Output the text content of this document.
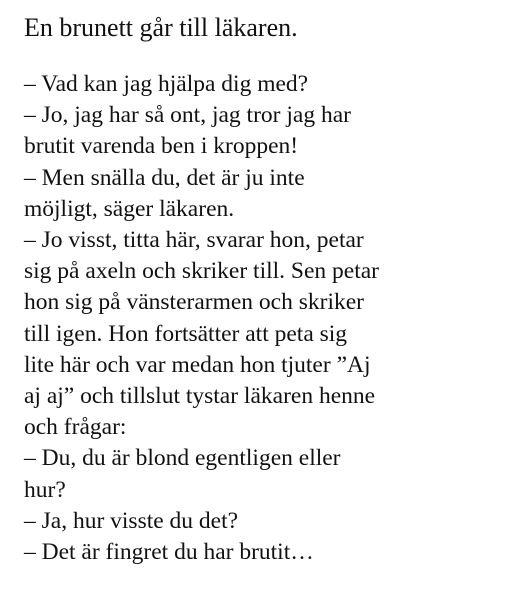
En brunett går till läkaren.
– Vad kan jag hjälpa dig med?
– Jo, jag har så ont, jag tror jag har
brutit varenda ben i kroppen!
– Men snälla du, det är ju inte
möjligt, säger läkaren.
– Jo visst, titta här, svarar hon, petar
sig på axeln och skriker till. Sen petar
hon sig på vänsterarmen och skriker
till igen. Hon fortsätter att peta sig
lite här och var medan hon tjuter ”Aj
aj aj” och tillslut tystar läkaren henne
och frågar:
– Du, du är blond egentligen eller
hur?
– Ja, hur visste du det?
– Det är fingret du har brutit…
